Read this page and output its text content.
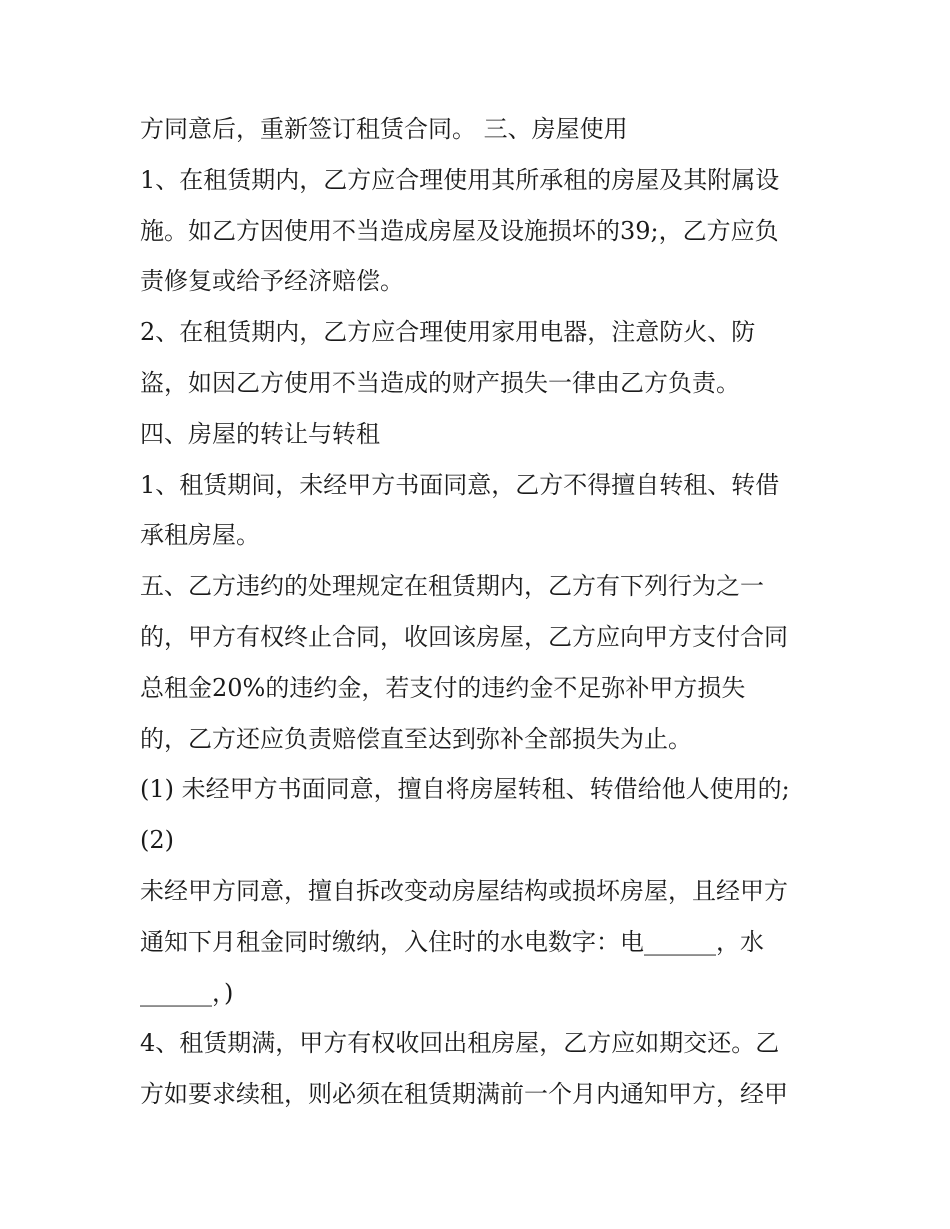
方同意后，重新签订租赁合同。 三、房屋使用
1、在租赁期内，乙方应合理使用其所承租的房屋及其附属设
施。如乙方因使用不当造成房屋及设施损坏的39;，乙方应负
责修复或给予经济赔偿。
2、在租赁期内，乙方应合理使用家用电器，注意防火、防
盗，如因乙方使用不当造成的财产损失一律由乙方负责。
四、房屋的转让与转租
1、租赁期间，未经甲方书面同意，乙方不得擅自转租、转借
承租房屋。
五、乙方违约的处理规定在租赁期内，乙方有下列行为之一
的，甲方有权终止合同，收回该房屋，乙方应向甲方支付合同
总租金20%的违约金，若支付的违约金不足弥补甲方损失
的，乙方还应负责赔偿直至达到弥补全部损失为止。
(1) 未经甲方书面同意，擅自将房屋转租、转借给他人使用的;
(2)
未经甲方同意，擅自拆改变动房屋结构或损坏房屋，且经甲方
通知下月租金同时缴纳，入住时的水电数字：电______，水
______，)
4、租赁期满，甲方有权收回出租房屋，乙方应如期交还。乙
方如要求续租，则必须在租赁期满前一个月内通知甲方，经甲
